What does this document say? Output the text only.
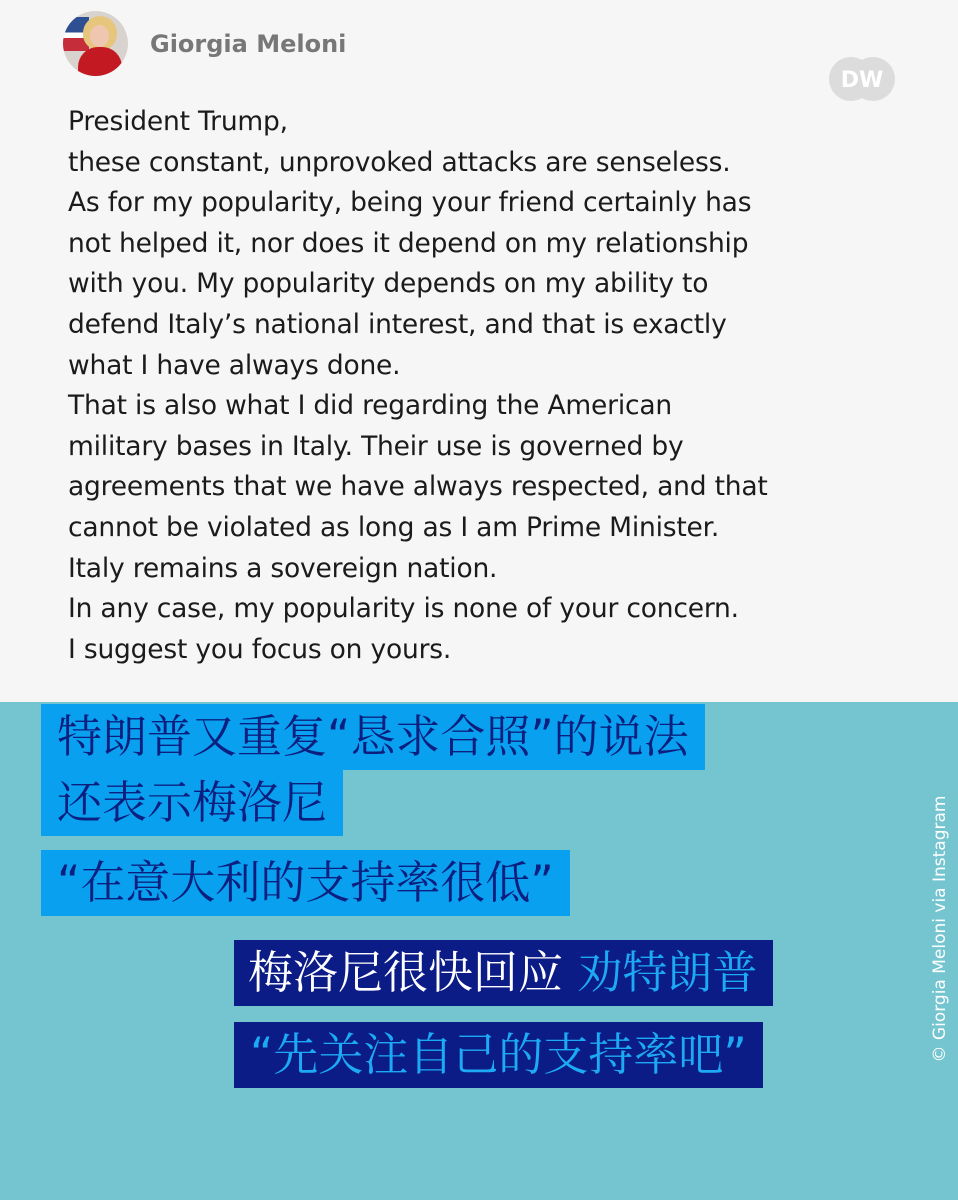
Giorgia Meloni
DW
President Trump,
these constant, unprovoked attacks are senseless.
As for my popularity, being your friend certainly has
not helped it, nor does it depend on my relationship
with you. My popularity depends on my ability to
defend Italy’s national interest, and that is exactly
what I have always done.
That is also what I did regarding the American
military bases in Italy. Their use is governed by
agreements that we have always respected, and that
cannot be violated as long as I am Prime Minister.
Italy remains a sovereign nation.
In any case, my popularity is none of your concern.
I suggest you focus on yours.
特朗普又重复“恳求合照”的说法
还表示梅洛尼
“在意大利的支持率很低”
梅洛尼很快回应 劝特朗普
“先关注自己的支持率吧”	© Giorgia Meloni via Instagram
